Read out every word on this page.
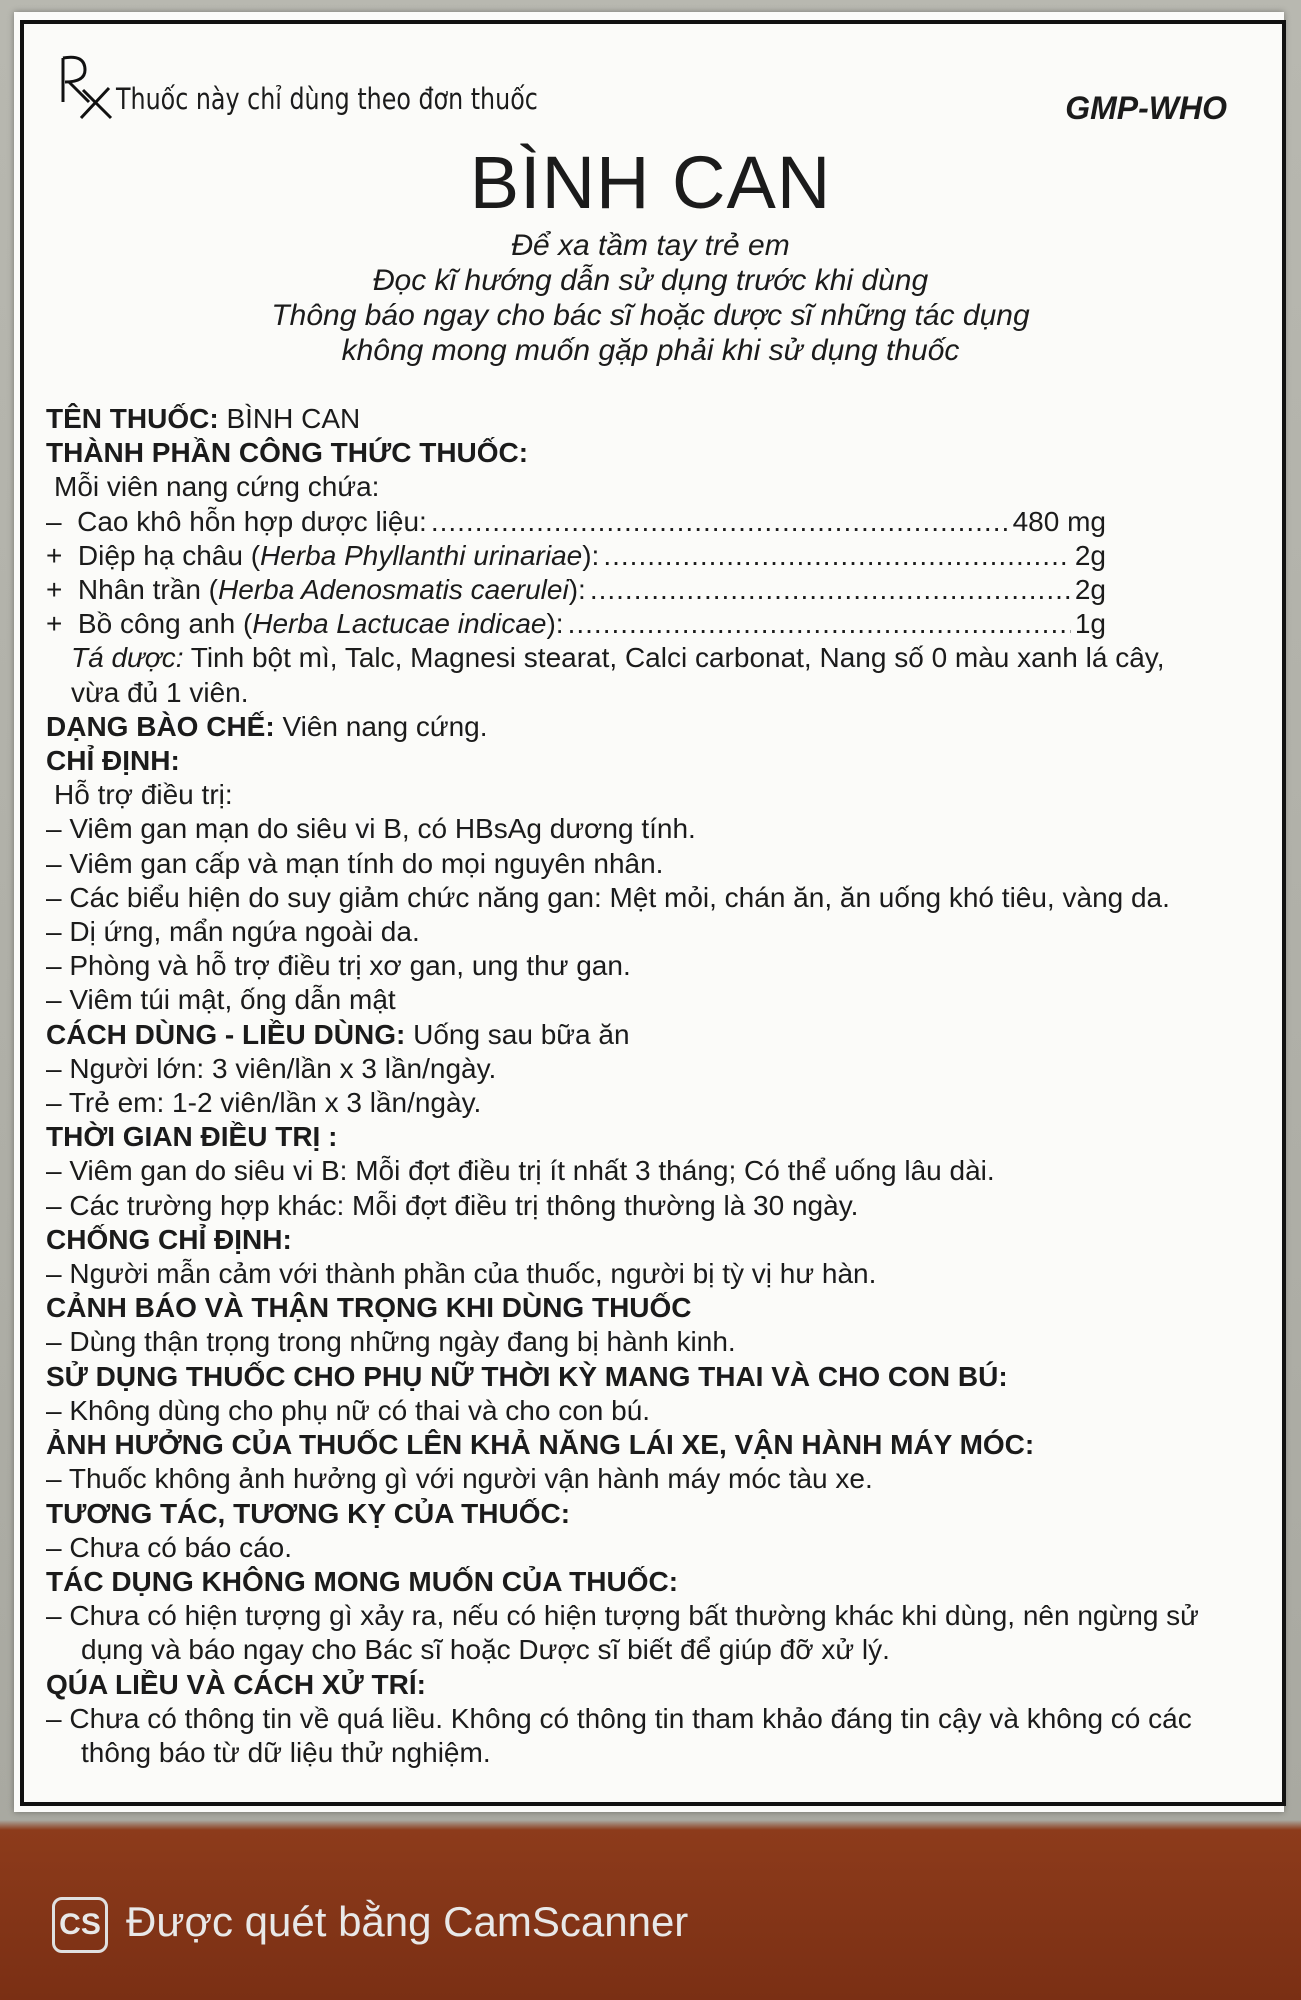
Thuốc này chỉ dùng theo đơn thuốc	GMP-WHO
BÌNH CAN
Để xa tầm tay trẻ em
Đọc kĩ hướng dẫn sử dụng trước khi dùng
Thông báo ngay cho bác sĩ hoặc dược sĩ những tác dụng
không mong muốn gặp phải khi sử dụng thuốc
TÊN THUỐC: BÌNH CAN
THÀNH PHẦN CÔNG THỨC THUỐC:
Mỗi viên nang cứng chứa:
–
Cao khô hỗn hợp dược liệu: .....	480 mg
+
Diệp hạ châu ( Herba Phyllanthi urinariae ): .....	2g
+
Nhân trần ( Herba Adenosmatis caerulei ): .....	2g
+
Bồ công anh ( Herba Lactucae indicae ): .....	1g
Tá dược: Tinh bột mì, Talc, Magnesi stearat, Calci carbonat, Nang số 0 màu xanh lá cây,
vừa đủ 1 viên.
DẠNG BÀO CHẾ: Viên nang cứng.
CHỈ ĐỊNH:
Hỗ trợ điều trị:
– Viêm gan mạn do siêu vi B, có HBsAg dương tính.
– Viêm gan cấp và mạn tính do mọi nguyên nhân.
– Các biểu hiện do suy giảm chức năng gan: Mệt mỏi, chán ăn, ăn uống khó tiêu, vàng da.
– Dị ứng, mẩn ngứa ngoài da.
– Phòng và hỗ trợ điều trị xơ gan, ung thư gan.
– Viêm túi mật, ống dẫn mật
CÁCH DÙNG - LIỀU DÙNG: Uống sau bữa ăn
– Người lớn: 3 viên/lần x 3 lần/ngày.
– Trẻ em: 1-2 viên/lần x 3 lần/ngày.
THỜI GIAN ĐIỀU TRỊ :
– Viêm gan do siêu vi B: Mỗi đợt điều trị ít nhất 3 tháng; Có thể uống lâu dài.
– Các trường hợp khác: Mỗi đợt điều trị thông thường là 30 ngày.
CHỐNG CHỈ ĐỊNH:
– Người mẫn cảm với thành phần của thuốc, người bị tỳ vị hư hàn.
CẢNH BÁO VÀ THẬN TRỌNG KHI DÙNG THUỐC
– Dùng thận trọng trong những ngày đang bị hành kinh.
SỬ DỤNG THUỐC CHO PHỤ NỮ THỜI KỲ MANG THAI VÀ CHO CON BÚ:
– Không dùng cho phụ nữ có thai và cho con bú.
ẢNH HƯỞNG CỦA THUỐC LÊN KHẢ NĂNG LÁI XE, VẬN HÀNH MÁY MÓC:
– Thuốc không ảnh hưởng gì với người vận hành máy móc tàu xe.
TƯƠNG TÁC, TƯƠNG KỴ CỦA THUỐC:
– Chưa có báo cáo.
TÁC DỤNG KHÔNG MONG MUỐN CỦA THUỐC:
– Chưa có hiện tượng gì xảy ra, nếu có hiện tượng bất thường khác khi dùng, nên ngừng sử dụng và báo ngay cho Bác sĩ hoặc Dược sĩ biết để giúp đỡ xử lý.
QÚA LIỀU VÀ CÁCH XỬ TRÍ:
– Chưa có thông tin về quá liều. Không có thông tin tham khảo đáng tin cậy và không có các thông báo từ dữ liệu thử nghiệm.
CS Được quét bằng CamScanner
